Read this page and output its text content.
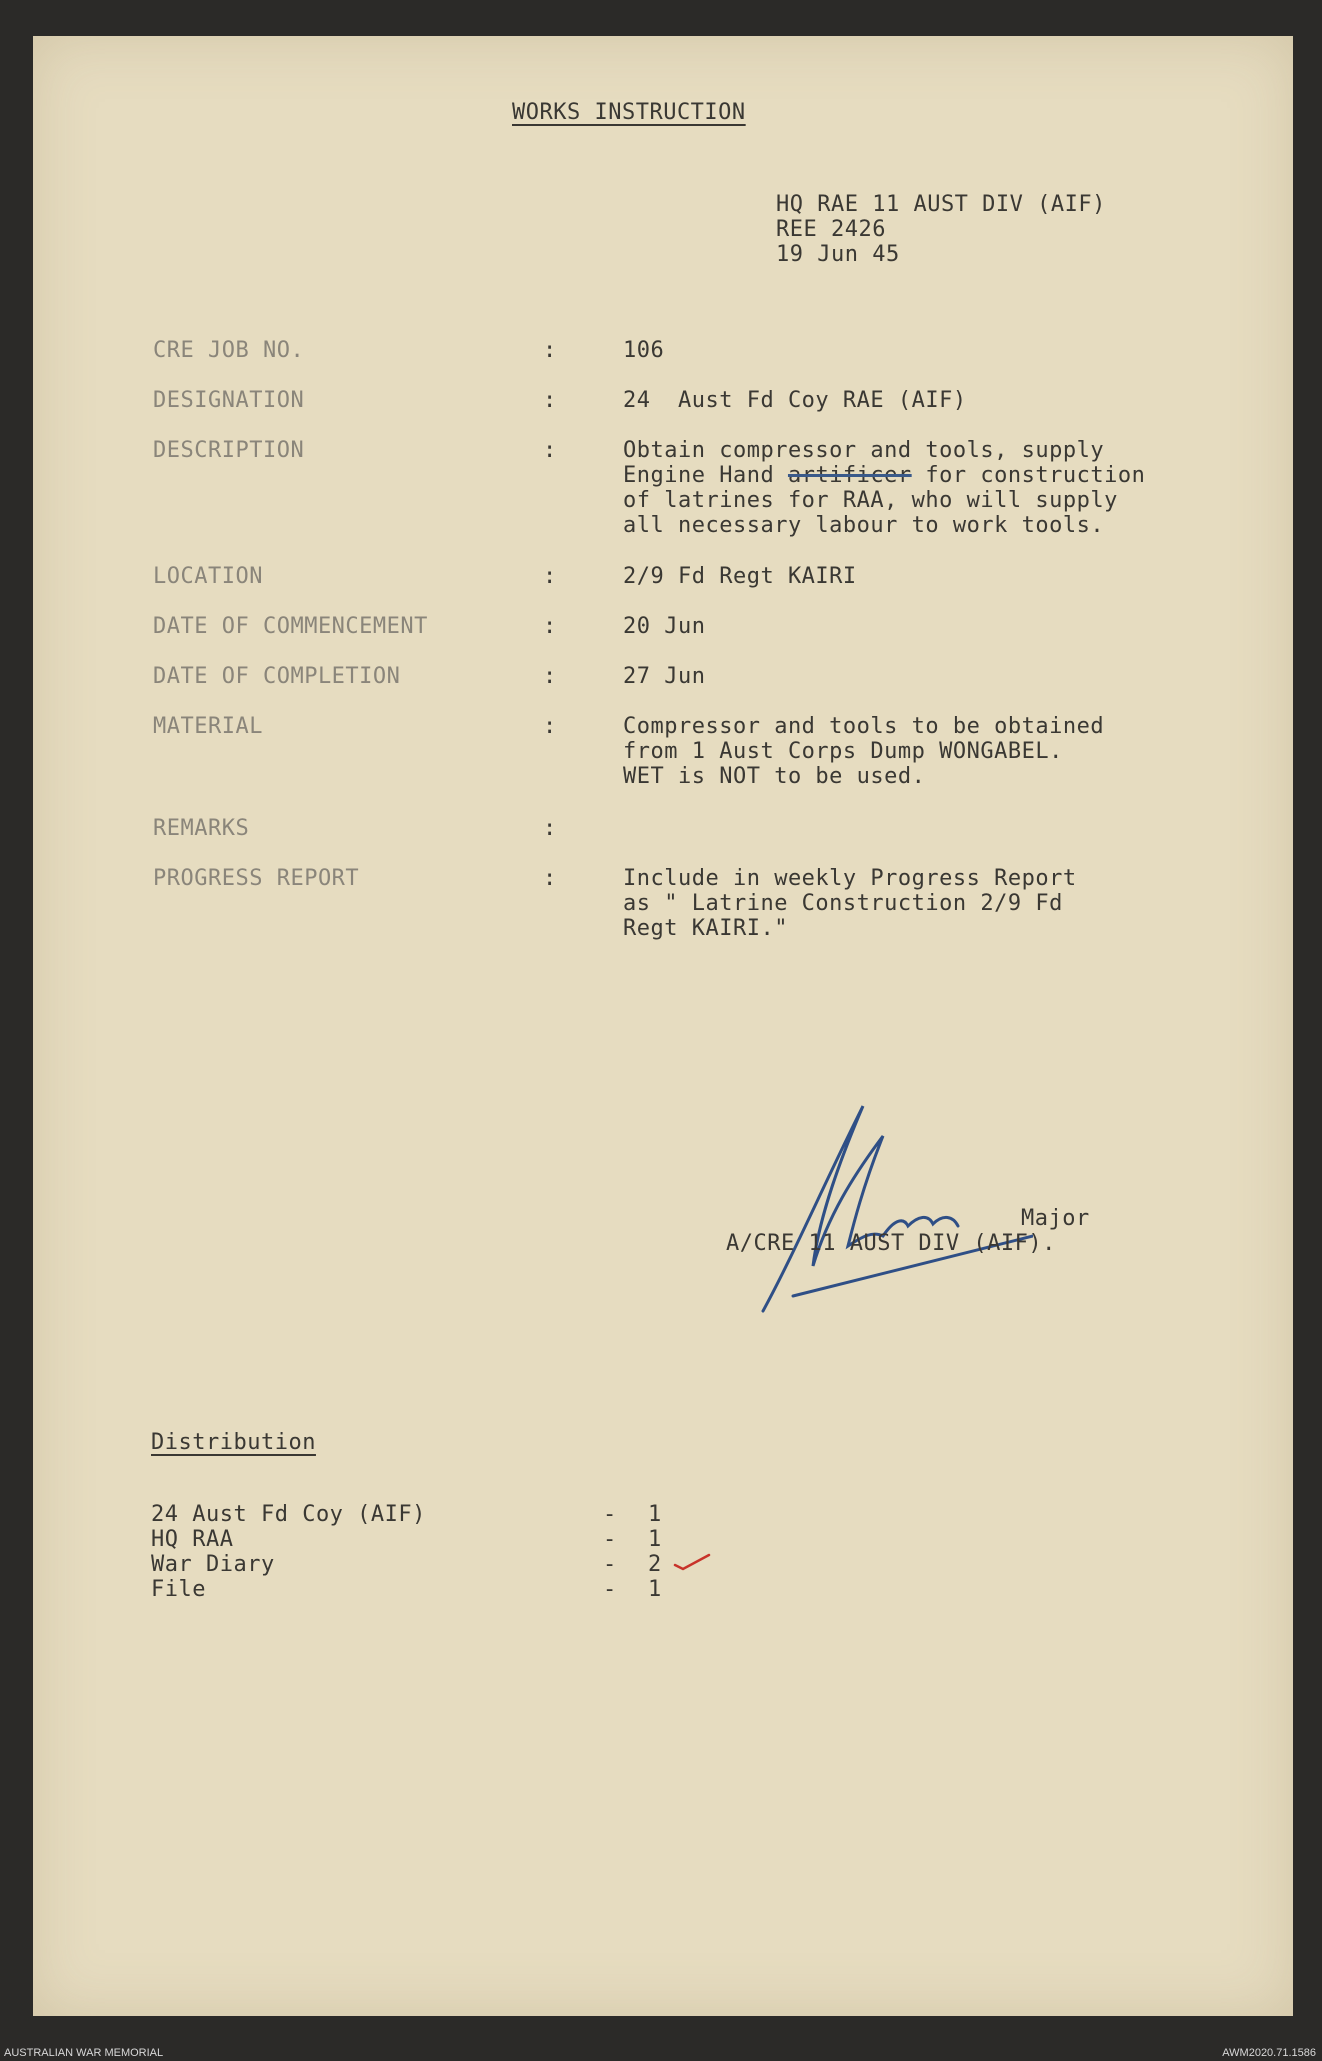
WORKS INSTRUCTION
HQ RAE 11 AUST DIV (AIF)
REE 2426
19 Jun 45
CRE JOB NO.	:	106
DESIGNATION	:	24  Aust Fd Coy RAE (AIF)
DESCRIPTION	:	Obtain compressor and tools, supply
Engine Hand artificer for construction
of latrines for RAA, who will supply
all necessary labour to work tools.
LOCATION	:	2/9 Fd Regt KAIRI
DATE OF COMMENCEMENT	:	20 Jun
DATE OF COMPLETION	:	27 Jun
MATERIAL	:	Compressor and tools to be obtained
from 1 Aust Corps Dump WONGABEL.
WET is NOT to be used.
REMARKS	:
PROGRESS REPORT	:	Include in weekly Progress Report
as " Latrine Construction 2/9 Fd
Regt KAIRI."
Major
A/CRE 11 AUST DIV (AIF).
Distribution
24 Aust Fd Coy (AIF)	- 1
HQ RAA	- 1
War Diary	- 2
File	- 1
AUSTRALIAN WAR MEMORIAL	AWM2020.71.1586
